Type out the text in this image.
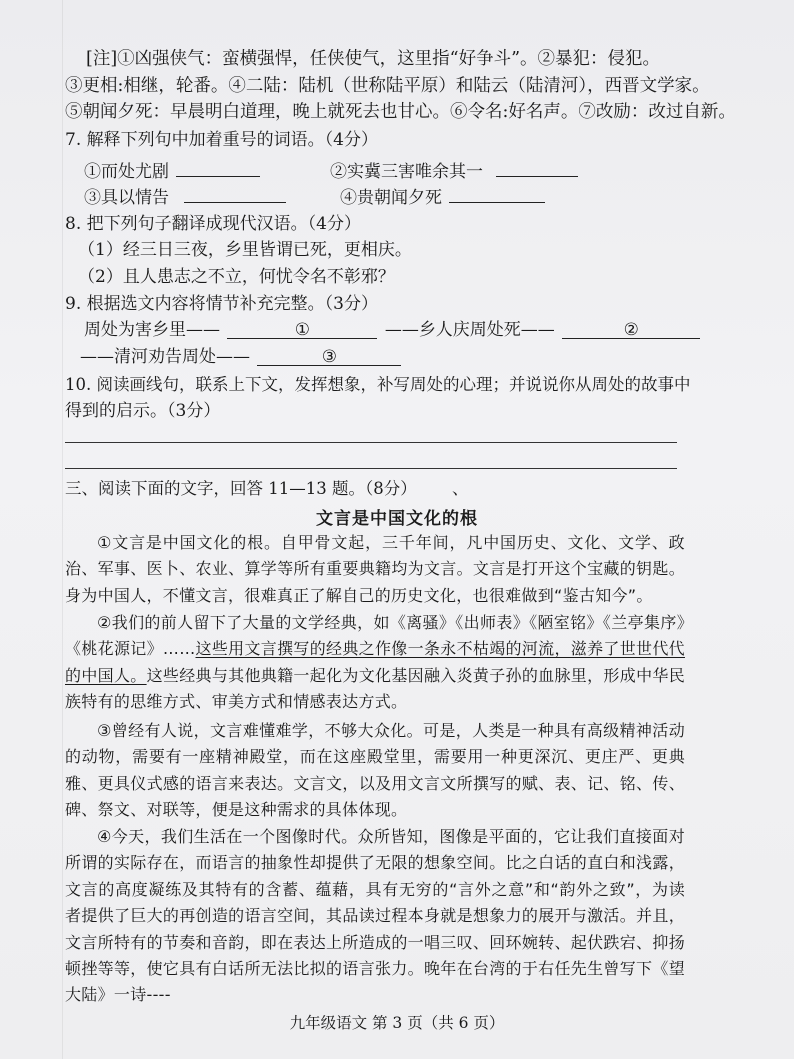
[注]①凶强侠气：蛮横强悍，任侠使气，这里指“好争斗”。②暴犯：侵犯。
③更相:相继，轮番。④二陆：陆机（世称陆平原）和陆云（陆清河），西晋文学家。
⑤朝闻夕死：早晨明白道理，晚上就死去也甘心。⑥令名:好名声。⑦改励：改过自新。
7. 解释下列句中加着重号的词语。（4分）
①而处尤剧	②实冀三害唯余其一
③具以情告	④贵朝闻夕死
8. 把下列句子翻译成现代汉语。（4分）
（1）经三日三夜，乡里皆谓已死，更相庆。
（2）且人患志之不立，何忧令名不彰邪？
9. 根据选文内容将情节补充完整。（3分）
周处为害乡里——	①	——乡人庆周处死——	②
——清河劝告周处——	③
10. 阅读画线句，联系上下文，发挥想象，补写周处的心理；并说说你从周处的故事中
得到的启示。（3分）
三、阅读下面的文字，回答 11—13 题。（8分） 、
文言是中国文化的根
①文言是中国文化的根。自甲骨文起，三千年间，凡中国历史、文化、文学、政治、军事、医卜、农业、算学等所有重要典籍均为文言。文言是打开这个宝藏的钥匙。身为中国人，不懂文言，很难真正了解自己的历史文化，也很难做到“鉴古知今”。
②我们的前人留下了大量的文学经典，如《离骚》《出师表》《陋室铭》《兰亭集序》《桃花源记》……这些用文言撰写的经典之作像一条永不枯竭的河流，滋养了世世代代的中国人。这些经典与其他典籍一起化为文化基因融入炎黄子孙的血脉里，形成中华民族特有的思维方式、审美方式和情感表达方式。
③曾经有人说，文言难懂难学，不够大众化。可是，人类是一种具有高级精神活动的动物，需要有一座精神殿堂，而在这座殿堂里，需要用一种更深沉、更庄严、更典雅、更具仪式感的语言来表达。文言文，以及用文言文所撰写的赋、表、记、铭、传、碑、祭文、对联等，便是这种需求的具体体现。
④今天，我们生活在一个图像时代。众所皆知，图像是平面的，它让我们直接面对所谓的实际存在，而语言的抽象性却提供了无限的想象空间。比之白话的直白和浅露，文言的高度凝练及其特有的含蓄、蕴藉，具有无穷的“言外之意”和“韵外之致”，为读者提供了巨大的再创造的语言空间，其品读过程本身就是想象力的展开与激活。并且，文言所特有的节奏和音韵，即在表达上所造成的一唱三叹、回环婉转、起伏跌宕、抑扬顿挫等等，使它具有白话所无法比拟的语言张力。晚年在台湾的于右任先生曾写下《望大陆》一诗----
九年级语文 第 3 页（共 6 页）
